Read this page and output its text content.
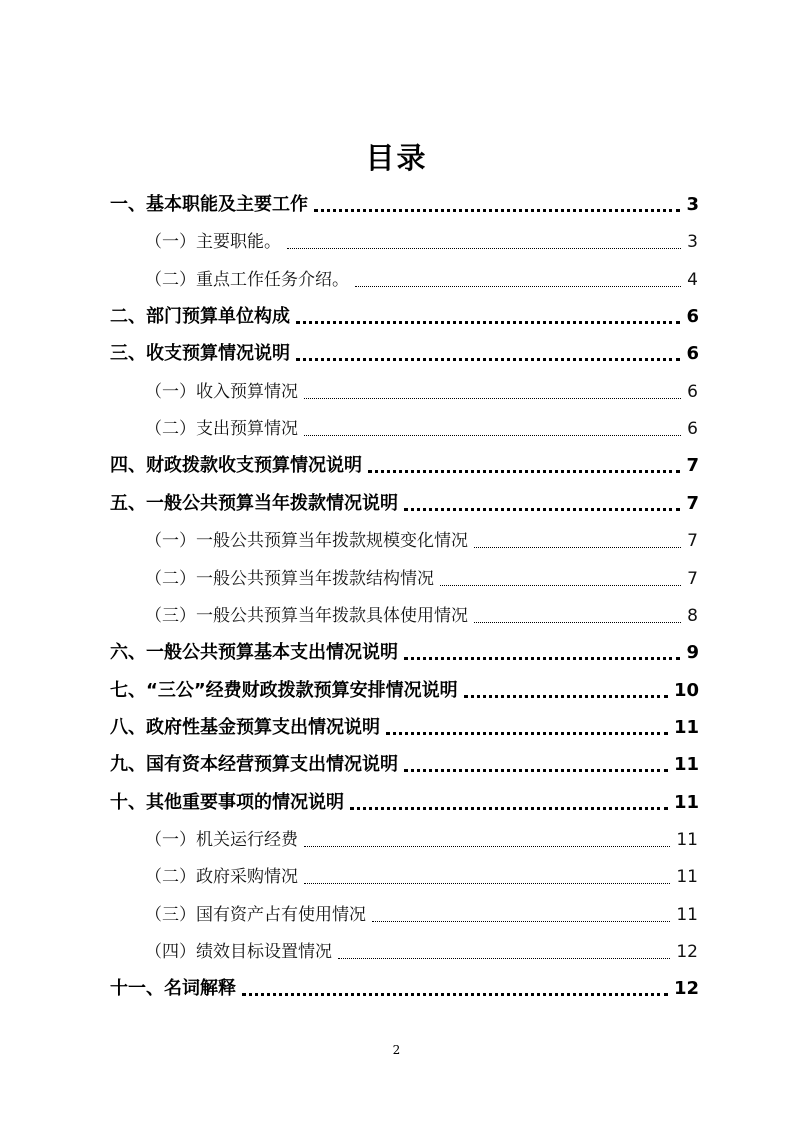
目录
一、基本职能及主要工作	3
（一）主要职能。	3
（二）重点工作任务介绍。	4
二、部门预算单位构成	6
三、收支预算情况说明	6
（一）收入预算情况	6
（二）支出预算情况	6
四、财政拨款收支预算情况说明	7
五、一般公共预算当年拨款情况说明	7
（一）一般公共预算当年拨款规模变化情况	7
（二）一般公共预算当年拨款结构情况	7
（三）一般公共预算当年拨款具体使用情况	8
六、一般公共预算基本支出情况说明	9
七、“三公”经费财政拨款预算安排情况说明	10
八、政府性基金预算支出情况说明	11
九、国有资本经营预算支出情况说明	11
十、其他重要事项的情况说明	11
（一）机关运行经费	11
（二）政府采购情况	11
（三）国有资产占有使用情况	11
（四）绩效目标设置情况	12
十一、名词解释	12
2
